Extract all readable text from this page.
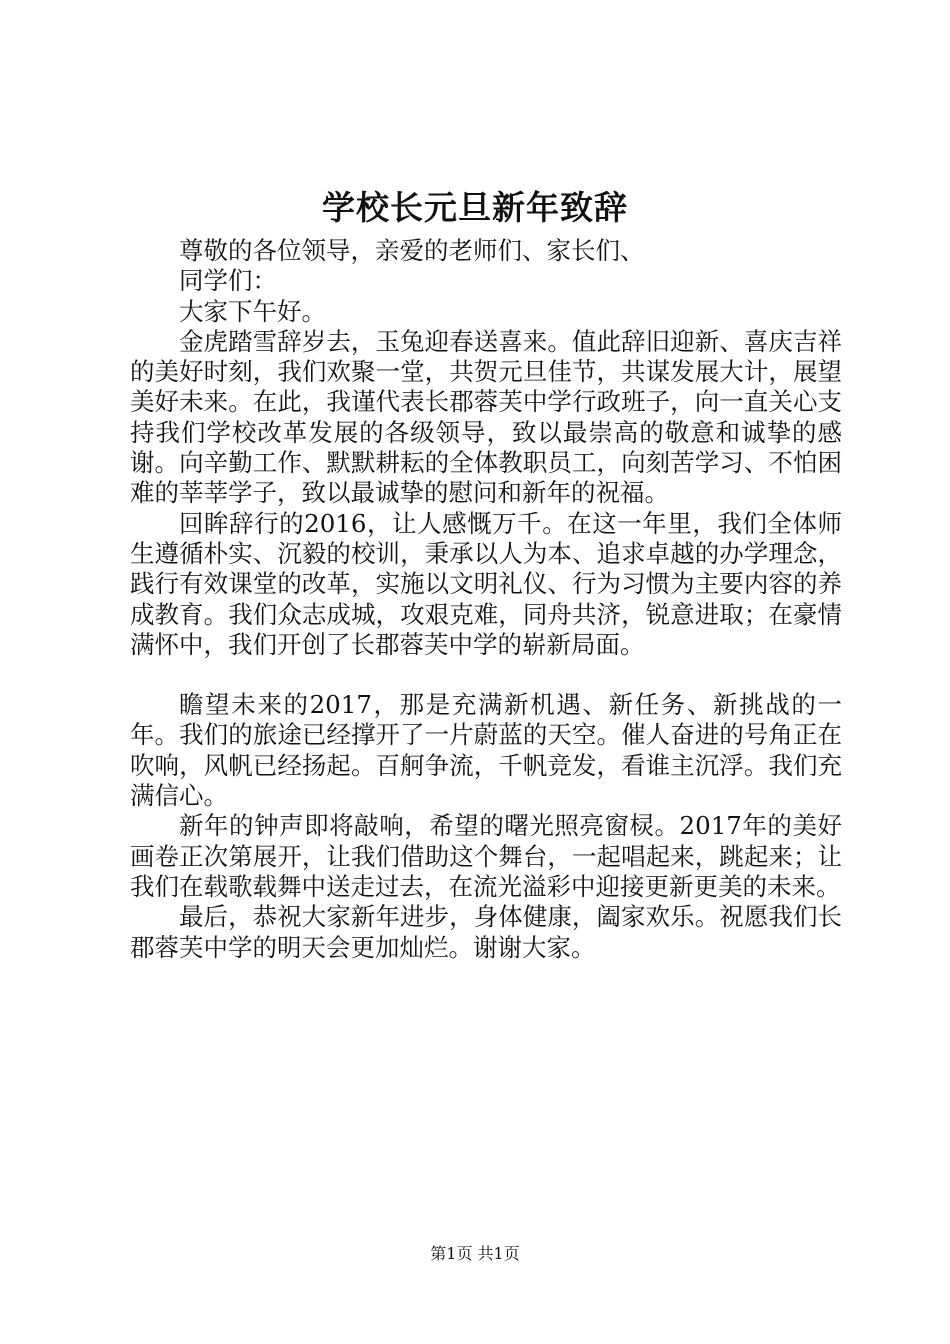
学校长元旦新年致辞

尊敬的各位领导，亲爱的老师们、家长们、

同学们：

大家下午好。

金虎踏雪辞岁去，玉兔迎春送喜来。值此辞旧迎新、喜庆吉祥的美好时刻，我们欢聚一堂，共贺元旦佳节，共谋发展大计，展望美好未来。在此，我谨代表长郡蓉芙中学行政班子，向一直关心支持我们学校改革发展的各级领导，致以最崇高的敬意和诚挚的感谢。向辛勤工作、默默耕耘的全体教职员工，向刻苦学习、不怕困难的莘莘学子，致以最诚挚的慰问和新年的祝福。

回眸辞行的2016，让人感慨万千。在这一年里，我们全体师生遵循朴实、沉毅的校训，秉承以人为本、追求卓越的办学理念，践行有效课堂的改革，实施以文明礼仪、行为习惯为主要内容的养成教育。我们众志成城，攻艰克难，同舟共济，锐意进取；在豪情满怀中，我们开创了长郡蓉芙中学的崭新局面。

瞻望未来的2017，那是充满新机遇、新任务、新挑战的一年。我们的旅途已经撑开了一片蔚蓝的天空。催人奋进的号角正在吹响，风帆已经扬起。百舸争流，千帆竞发，看谁主沉浮。我们充满信心。

新年的钟声即将敲响，希望的曙光照亮窗棂。2017年的美好画卷正次第展开，让我们借助这个舞台，一起唱起来，跳起来；让我们在载歌载舞中送走过去，在流光溢彩中迎接更新更美的未来。

最后，恭祝大家新年进步，身体健康，阖家欢乐。祝愿我们长郡蓉芙中学的明天会更加灿烂。谢谢大家。

第1页 共1页
